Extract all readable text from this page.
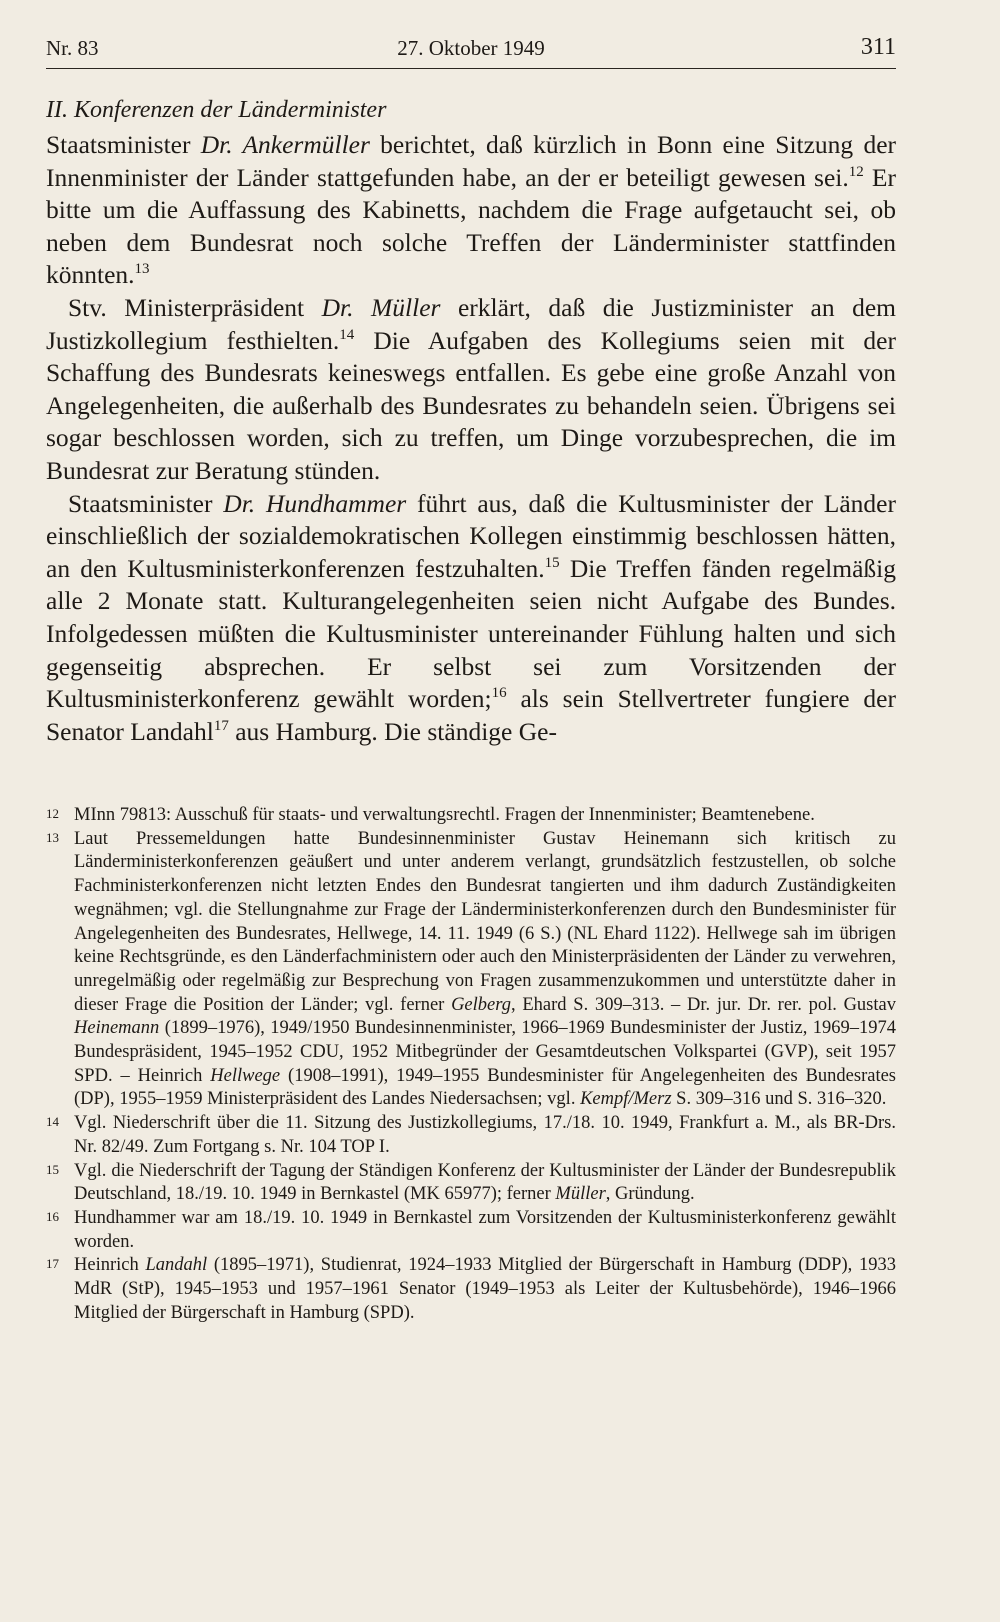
Nr. 83	27. Oktober 1949	311
II. Konferenzen der Länderminister

Staatsminister Dr. Ankermüller berichtet, daß kürzlich in Bonn eine Sitzung der Innenminister der Länder stattgefunden habe, an der er beteiligt gewesen sei.$^{12}$ Er bitte um die Auffassung des Kabinetts, nachdem die Frage aufgetaucht sei, ob neben dem Bundesrat noch solche Treffen der Länderminister stattfinden könnten.$^{13}$

Stv. Ministerpräsident Dr. Müller erklärt, daß die Justizminister an dem Justizkollegium festhielten.$^{14}$ Die Aufgaben des Kollegiums seien mit der Schaffung des Bundesrats keineswegs entfallen. Es gebe eine große Anzahl von Angelegenheiten, die außerhalb des Bundesrates zu behandeln seien. Übrigens sei sogar beschlossen worden, sich zu treffen, um Dinge vorzubesprechen, die im Bundesrat zur Beratung stünden.

Staatsminister Dr. Hundhammer führt aus, daß die Kultusminister der Länder einschließlich der sozialdemokratischen Kollegen einstimmig beschlossen hätten, an den Kultusministerkonferenzen festzuhalten.$^{15}$ Die Treffen fänden regelmäßig alle 2 Monate statt. Kulturangelegenheiten seien nicht Aufgabe des Bundes. Infolgedessen müßten die Kultusminister untereinander Fühlung halten und sich gegenseitig absprechen. Er selbst sei zum Vorsitzenden der Kultusministerkonferenz gewählt worden;$^{16}$ als sein Stellvertreter fungiere der Senator Landahl$^{17}$ aus Hamburg. Die ständige Ge-

12 MInn 79813: Ausschuß für staats- und verwaltungsrechtl. Fragen der Innenminister; Beamtenebene.
13 Laut Pressemeldungen hatte Bundesinnenminister Gustav Heinemann sich kritisch zu Länderministerkonferenzen geäußert und unter anderem verlangt, grundsätzlich festzustellen, ob solche Fachministerkonferenzen nicht letzten Endes den Bundesrat tangierten und ihm dadurch Zuständigkeiten wegnähmen; vgl. die Stellungnahme zur Frage der Länderministerkonferenzen durch den Bundesminister für Angelegenheiten des Bundesrates, Hellwege, 14. 11. 1949 (6 S.) (NL Ehard 1122). Hellwege sah im übrigen keine Rechtsgründe, es den Länderfachministern oder auch den Ministerpräsidenten der Länder zu verwehren, unregelmäßig oder regelmäßig zur Besprechung von Fragen zusammenzukommen und unterstützte daher in dieser Frage die Position der Länder; vgl. ferner Gelberg, Ehard S. 309–313. – Dr. jur. Dr. rer. pol. Gustav Heinemann (1899–1976), 1949/1950 Bundesinnenminister, 1966–1969 Bundesminister der Justiz, 1969–1974 Bundespräsident, 1945–1952 CDU, 1952 Mitbegründer der Gesamtdeutschen Volkspartei (GVP), seit 1957 SPD. – Heinrich Hellwege (1908–1991), 1949–1955 Bundesminister für Angelegenheiten des Bundesrates (DP), 1955–1959 Ministerpräsident des Landes Niedersachsen; vgl. Kempf/Merz S. 309–316 und S. 316–320.
14 Vgl. Niederschrift über die 11. Sitzung des Justizkollegiums, 17./18. 10. 1949, Frankfurt a. M., als BR-Drs. Nr. 82/49. Zum Fortgang s. Nr. 104 TOP I.
15 Vgl. die Niederschrift der Tagung der Ständigen Konferenz der Kultusminister der Länder der Bundesrepublik Deutschland, 18./19. 10. 1949 in Bernkastel (MK 65977); ferner Müller, Gründung.
16 Hundhammer war am 18./19. 10. 1949 in Bernkastel zum Vorsitzenden der Kultusministerkonferenz gewählt worden.
17 Heinrich Landahl (1895–1971), Studienrat, 1924–1933 Mitglied der Bürgerschaft in Hamburg (DDP), 1933 MdR (StP), 1945–1953 und 1957–1961 Senator (1949–1953 als Leiter der Kultusbehörde), 1946–1966 Mitglied der Bürgerschaft in Hamburg (SPD).
